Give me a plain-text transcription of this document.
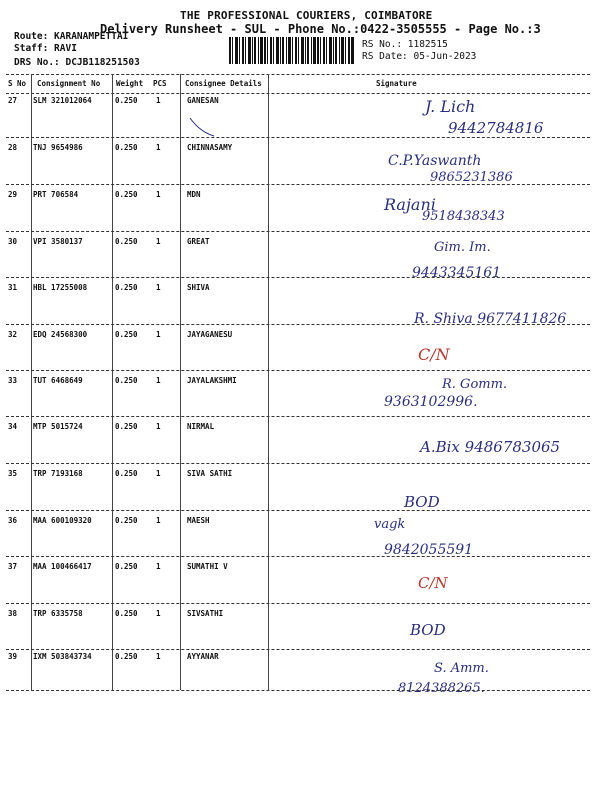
THE PROFESSIONAL COURIERS, COIMBATORE
Delivery Runsheet - SUL - Phone No.:0422-3505555 - Page No.:3
Route: KARANAMPETTAI
Staff: RAVI
DRS No.: DCJB118251503
RS No.: 1182515
RS Date: 05-Jun-2023
S No Consignment No Weight PCS Consignee Details	Signature
27 SLM 321012064	0.250 1	GANESAN	J. Lich
9442784816
28 TNJ 9654986	0.250 1	CHINNASAMY
C.P.Yaswanth
9865231386
29 PRT 706584	0.250 1	MDN
Rajani
9518438343
30 VPI 3580137	0.250 1	GREAT	Gim. Im.
9443345161
31 HBL 17255008	0.250 1	SHIVA
R. Shiva 9677411826
32 EDQ 24568300	0.250 1	JAYAGANESU
C/N
33 TUT 6468649	0.250 1	JAYALAKSHMI	R. Gomm.
9363102996.
34 MTP 5015724	0.250 1	NIRMAL
A.Bix 9486783065
35 TRP 7193168	0.250 1	SIVA SATHI
BOD
36 MAA 600109320	0.250 1	MAESH	vagk
9842055591
37 MAA 100466417	0.250 1	SUMATHI V
C/N
38 TRP 6335758	0.250 1	SIVSATHI
BOD
39 IXM 503843734	0.250 1	AYYANAR
S. Amm.
8124388265.
